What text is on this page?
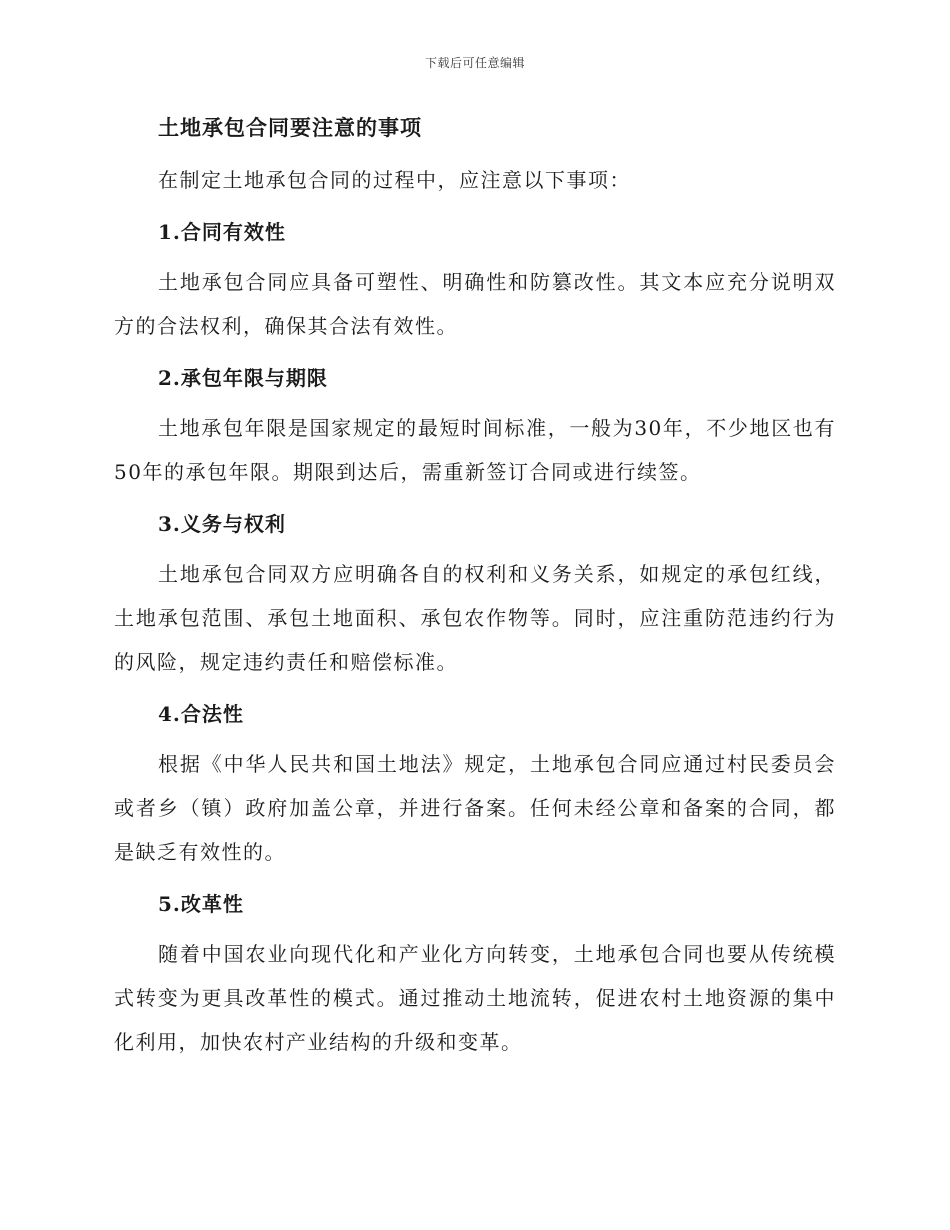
下载后可任意编辑
土地承包合同要注意的事项

在制定土地承包合同的过程中，应注意以下事项：

1.合同有效性

土地承包合同应具备可塑性、明确性和防篡改性。其文本应充分说明双方的合法权利，确保其合法有效性。

2.承包年限与期限

土地承包年限是国家规定的最短时间标准，一般为30年，不少地区也有50年的承包年限。期限到达后，需重新签订合同或进行续签。

3.义务与权利

土地承包合同双方应明确各自的权利和义务关系，如规定的承包红线，土地承包范围、承包土地面积、承包农作物等。同时，应注重防范违约行为的风险，规定违约责任和赔偿标准。

4.合法性

根据《中华人民共和国土地法》规定，土地承包合同应通过村民委员会或者乡（镇）政府加盖公章，并进行备案。任何未经公章和备案的合同，都是缺乏有效性的。

5.改革性

随着中国农业向现代化和产业化方向转变，土地承包合同也要从传统模式转变为更具改革性的模式。通过推动土地流转，促进农村土地资源的集中化利用，加快农村产业结构的升级和变革。
